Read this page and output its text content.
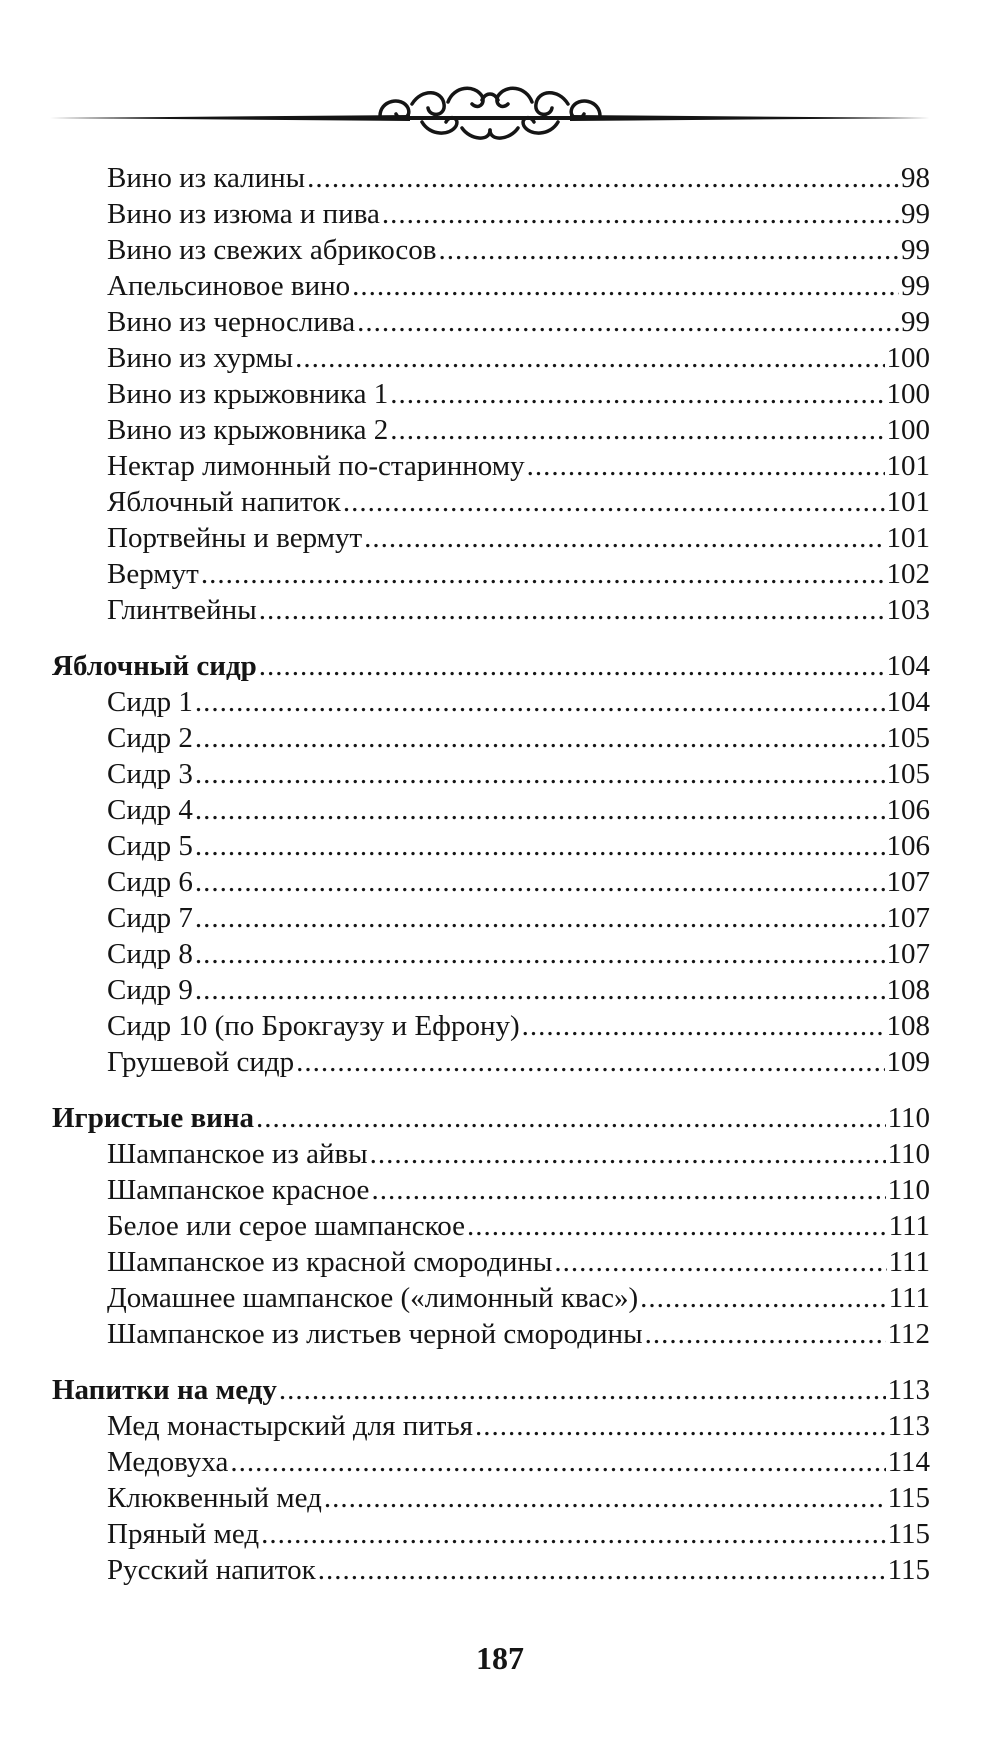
Вино из калины .....	98
Вино из изюма и пива .....	99
Вино из свежих абрикосов .....	99
Апельсиновое вино .....	99
Вино из чернослива .....	99
Вино из хурмы .....	100
Вино из крыжовника 1 .....	100
Вино из крыжовника 2 .....	100
Нектар лимонный по-старинному .....	101
Яблочный напиток .....	101
Портвейны и вермут .....	101
Вермут .....	102
Глинтвейны .....	103
Яблочный сидр .....	104
Сидр 1 .....	104
Сидр 2 .....	105
Сидр 3 .....	105
Сидр 4 .....	106
Сидр 5 .....	106
Сидр 6 .....	107
Сидр 7 .....	107
Сидр 8 .....	107
Сидр 9 .....	108
Сидр 10 (по Брокгаузу и Ефрону) .....	108
Грушевой сидр .....	109
Игристые вина .....	110
Шампанское из айвы .....	110
Шампанское красное .....	110
Белое или серое шампанское .....	111
Шампанское из красной смородины .....	111
Домашнее шампанское («лимонный квас») .....	111
Шампанское из листьев черной смородины .....	112
Напитки на меду .....	113
Мед монастырский для питья .....	113
Медовуха .....	114
Клюквенный мед .....	115
Пряный мед .....	115
Русский напиток .....	115
187
